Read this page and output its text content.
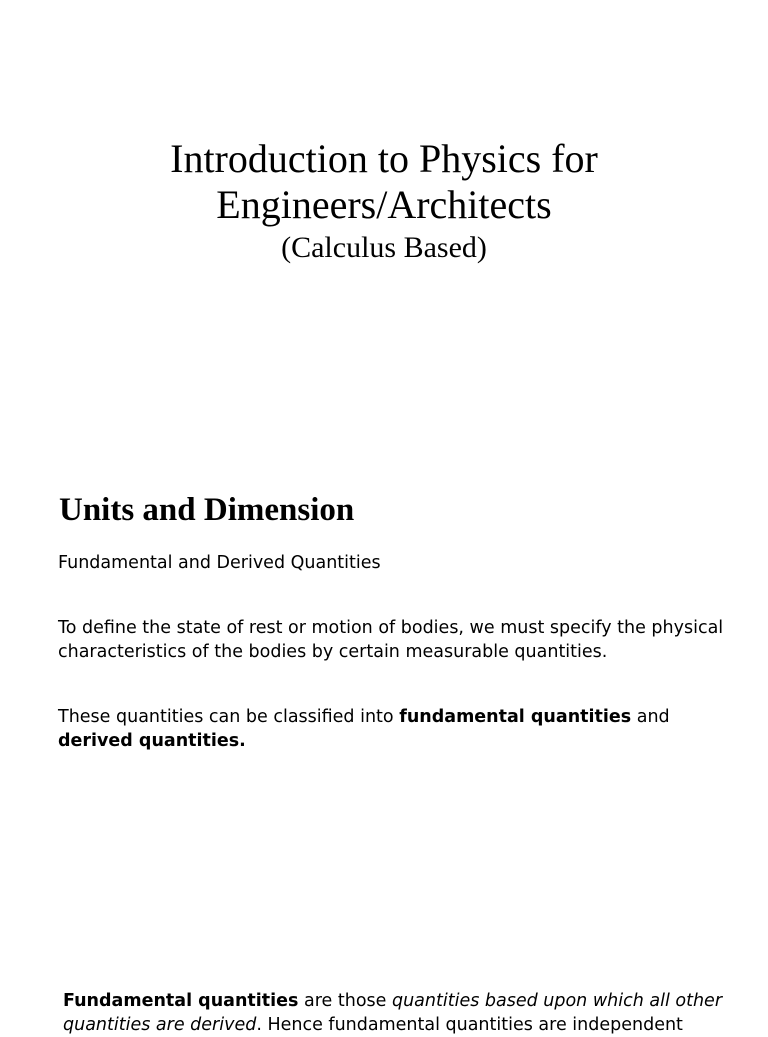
Introduction to Physics for

Engineers/Architects

(Calculus Based)

Units and Dimension

Fundamental and Derived Quantities

To define the state of rest or motion of bodies, we must specify the physical characteristics of the bodies by certain measurable quantities.

These quantities can be classified into fundamental quantities and derived quantities.

Fundamental quantities are those quantities based upon which all other quantities are derived. Hence fundamental quantities are independent
